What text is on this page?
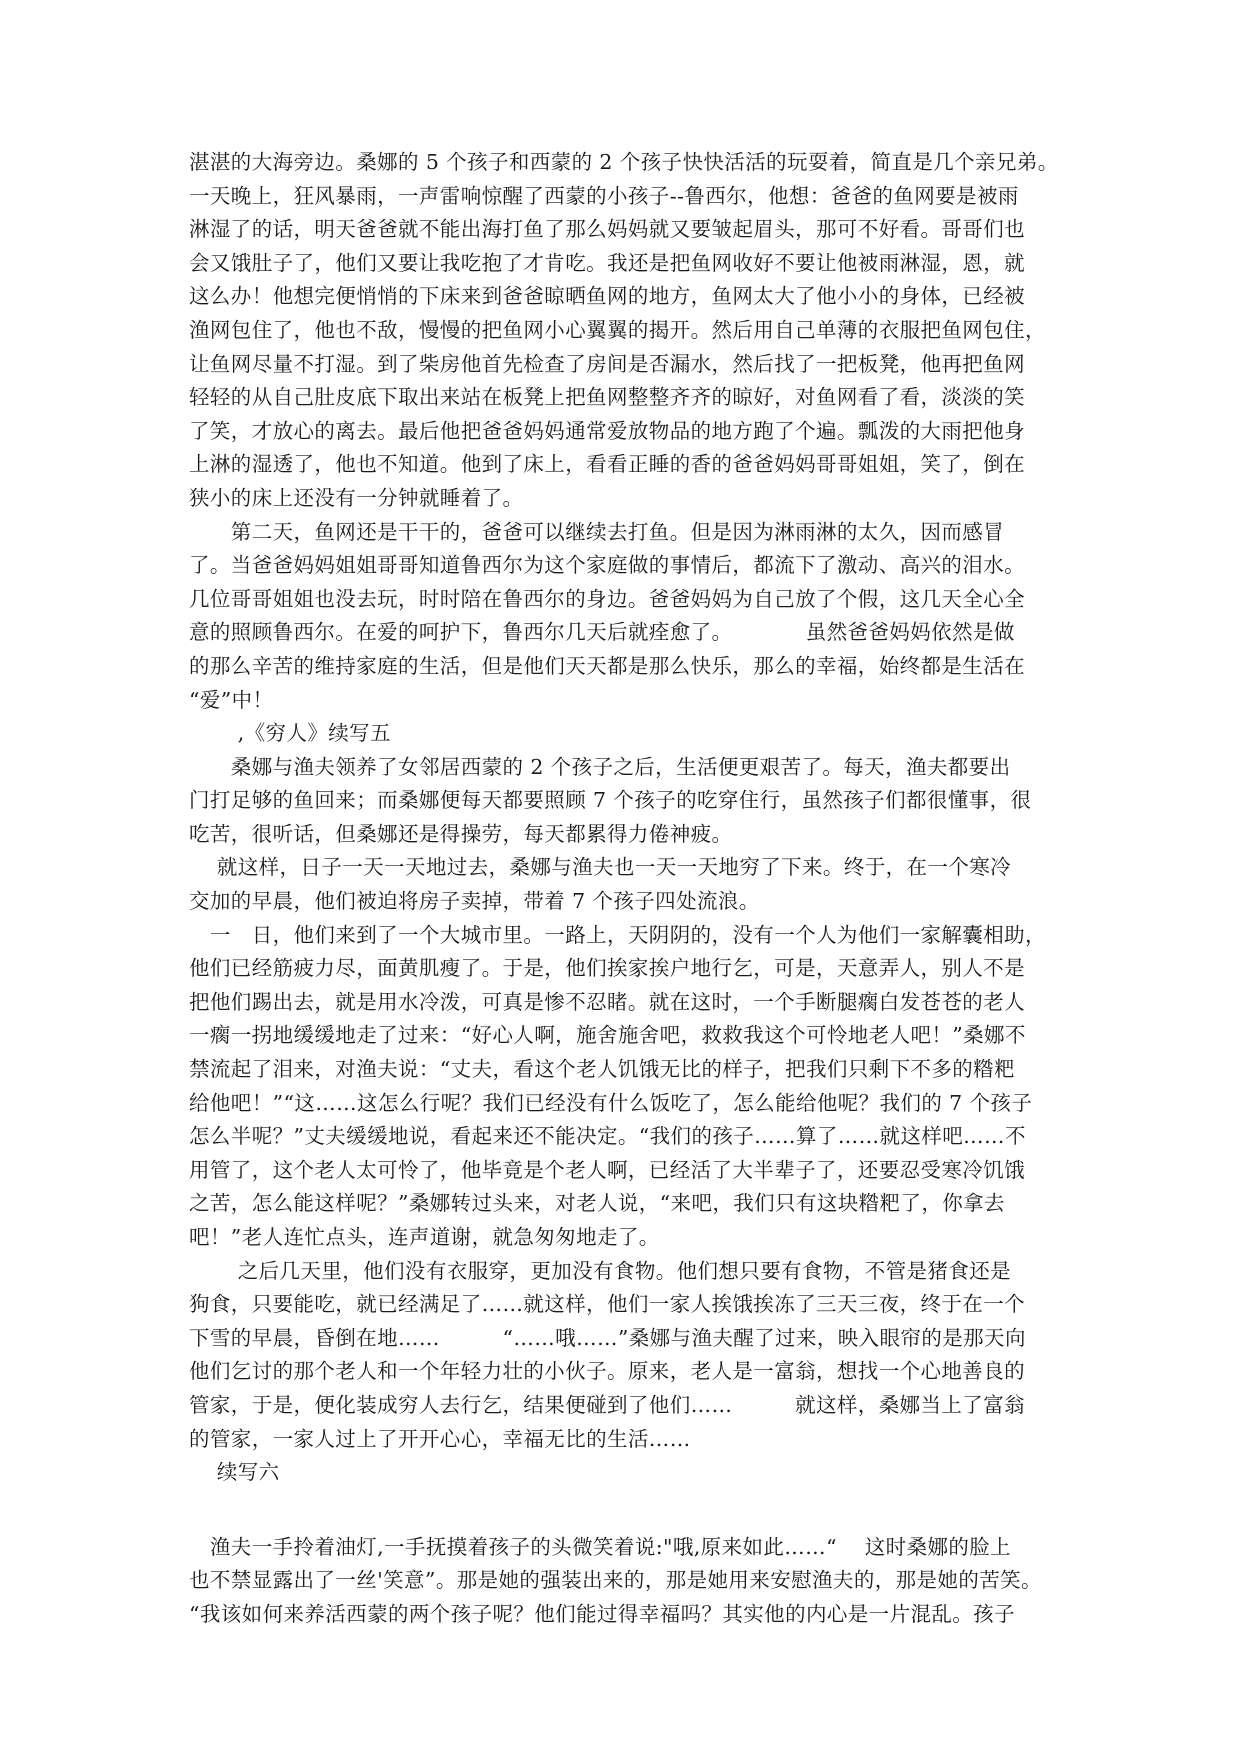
湛湛的大海旁边。桑娜的 5 个孩子和西蒙的 2 个孩子快快活活的玩耍着，简直是几个亲兄弟。
一天晚上，狂风暴雨，一声雷响惊醒了西蒙的小孩子--鲁西尔，他想：爸爸的鱼网要是被雨
淋湿了的话，明天爸爸就不能出海打鱼了那么妈妈就又要皱起眉头，那可不好看。哥哥们也
会又饿肚子了，他们又要让我吃抱了才肯吃。我还是把鱼网收好不要让他被雨淋湿，恩，就
这么办！他想完便悄悄的下床来到爸爸晾晒鱼网的地方，鱼网太大了他小小的身体，已经被
渔网包住了，他也不敌，慢慢的把鱼网小心翼翼的揭开。然后用自己单薄的衣服把鱼网包住，
让鱼网尽量不打湿。到了柴房他首先检查了房间是否漏水，然后找了一把板凳，他再把鱼网
轻轻的从自己肚皮底下取出来站在板凳上把鱼网整整齐齐的晾好，对鱼网看了看，淡淡的笑
了笑，才放心的离去。最后他把爸爸妈妈通常爱放物品的地方跑了个遍。瓢泼的大雨把他身
上淋的湿透了，他也不知道。他到了床上，看看正睡的香的爸爸妈妈哥哥姐姐，笑了，倒在
狭小的床上还没有一分钟就睡着了。
　　第二天，鱼网还是干干的，爸爸可以继续去打鱼。但是因为淋雨淋的太久，因而感冒
了。当爸爸妈妈姐姐哥哥知道鲁西尔为这个家庭做的事情后，都流下了激动、高兴的泪水。
几位哥哥姐姐也没去玩，时时陪在鲁西尔的身边。爸爸妈妈为自己放了个假，这几天全心全
意的照顾鲁西尔。在爱的呵护下，鲁西尔几天后就痊愈了。　　　　虽然爸爸妈妈依然是做
的那么辛苦的维持家庭的生活，但是他们天天都是那么快乐，那么的幸福，始终都是生活在
“爱”中！
　　 ,《穷人》续写五
　　桑娜与渔夫领养了女邻居西蒙的 2 个孩子之后，生活便更艰苦了。每天，渔夫都要出
门打足够的鱼回来；而桑娜便每天都要照顾 7 个孩子的吃穿住行，虽然孩子们都很懂事，很
吃苦，很听话，但桑娜还是得操劳，每天都累得力倦神疲。
　 就这样，日子一天一天地过去，桑娜与渔夫也一天一天地穷了下来。终于，在一个寒冷
交加的早晨，他们被迫将房子卖掉，带着 7 个孩子四处流浪。
　一　日，他们来到了一个大城市里。一路上，天阴阴的，没有一个人为他们一家解囊相助，
他们已经筋疲力尽，面黄肌瘦了。于是，他们挨家挨户地行乞，可是，天意弄人，别人不是
把他们踢出去，就是用水冷泼，可真是惨不忍睹。就在这时，一个手断腿瘸白发苍苍的老人
一瘸一拐地缓缓地走了过来：“好心人啊，施舍施舍吧，救救我这个可怜地老人吧！”桑娜不
禁流起了泪来，对渔夫说：“丈夫，看这个老人饥饿无比的样子，把我们只剩下不多的糌粑
给他吧！”“这……这怎么行呢？我们已经没有什么饭吃了，怎么能给他呢？我们的 7 个孩子
怎么半呢？”丈夫缓缓地说，看起来还不能决定。“我们的孩子……算了……就这样吧……不
用管了，这个老人太可怜了，他毕竟是个老人啊，已经活了大半辈子了，还要忍受寒冷饥饿
之苦，怎么能这样呢？”桑娜转过头来，对老人说，“来吧，我们只有这块糌粑了，你拿去
吧！”老人连忙点头，连声道谢，就急匆匆地走了。
　　 之后几天里，他们没有衣服穿，更加没有食物。他们想只要有食物，不管是猪食还是
狗食，只要能吃，就已经满足了……就这样，他们一家人挨饿挨冻了三天三夜，终于在一个
下雪的早晨，昏倒在地……　　　“……哦……”桑娜与渔夫醒了过来，映入眼帘的是那天向
他们乞讨的那个老人和一个年轻力壮的小伙子。原来，老人是一富翁，想找一个心地善良的
管家，于是，便化装成穷人去行乞，结果便碰到了他们……　　　就这样，桑娜当上了富翁
的管家，一家人过上了开开心心，幸福无比的生活……
　 续写六
　渔夫一手拎着油灯,一手抚摸着孩子的头微笑着说:"哦,原来如此……“　 这时桑娜的脸上
也不禁显露出了一丝'笑意”。那是她的强装出来的，那是她用来安慰渔夫的，那是她的苦笑。
“我该如何来养活西蒙的两个孩子呢？他们能过得幸福吗？其实他的内心是一片混乱。孩子
